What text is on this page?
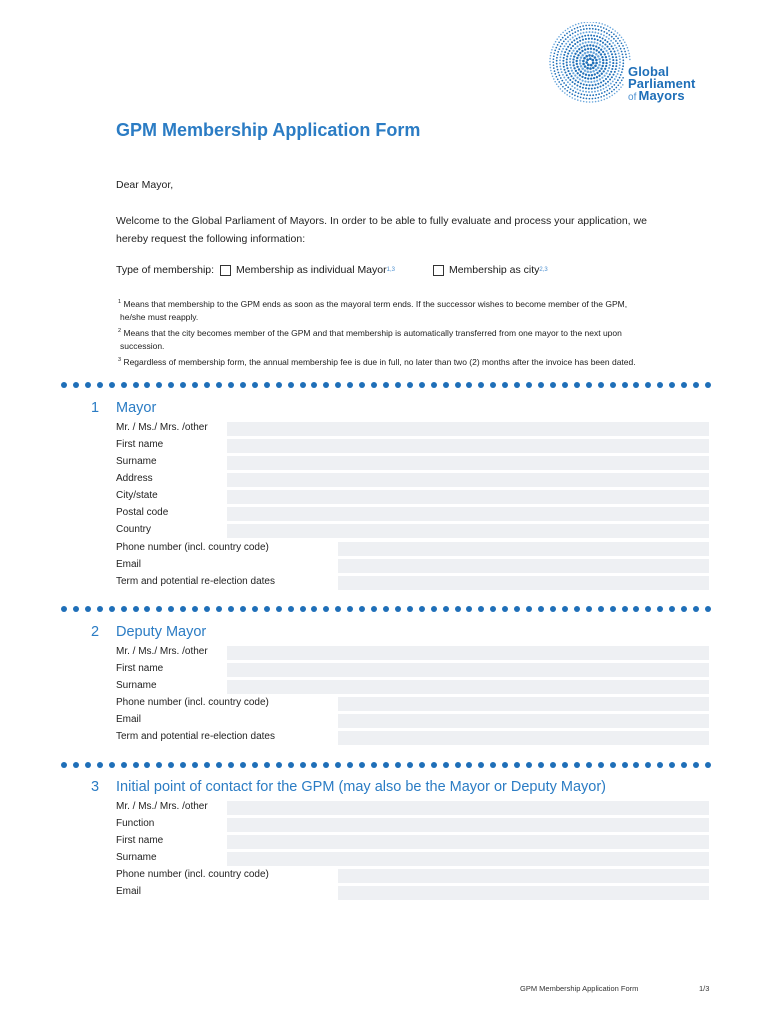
Global
Parliament
of Mayors
GPM Membership Application Form
Dear Mayor,
Welcome to the Global Parliament of Mayors. In order to be able to fully evaluate and process your application, we
hereby request the following information:
Type of membership: Membership as individual Mayor 1,3	Membership as city 2,3
$^1$ Means that membership to the GPM ends as soon as the mayoral term ends. If the successor wishes to become member of the GPM,
he/she must reapply.
$^2$ Means that the city becomes member of the GPM and that membership is automatically transferred from one mayor to the next upon
succession.
$^3$ Regardless of membership form, the annual membership fee is due in full, no later than two (2) months after the invoice has been dated.
1 Mayor
Mr. / Ms./ Mrs. /other
First name
Surname
Address
City/state
Postal code
Country
Phone number (incl. country code)
Email
Term and potential re-election dates
2 Deputy Mayor
Mr. / Ms./ Mrs. /other
First name
Surname
Phone number (incl. country code)
Email
Term and potential re-election dates
3 Initial point of contact for the GPM (may also be the Mayor or Deputy Mayor)
Mr. / Ms./ Mrs. /other
Function
First name
Surname
Phone number (incl. country code)
Email
GPM Membership Application Form	1/3
